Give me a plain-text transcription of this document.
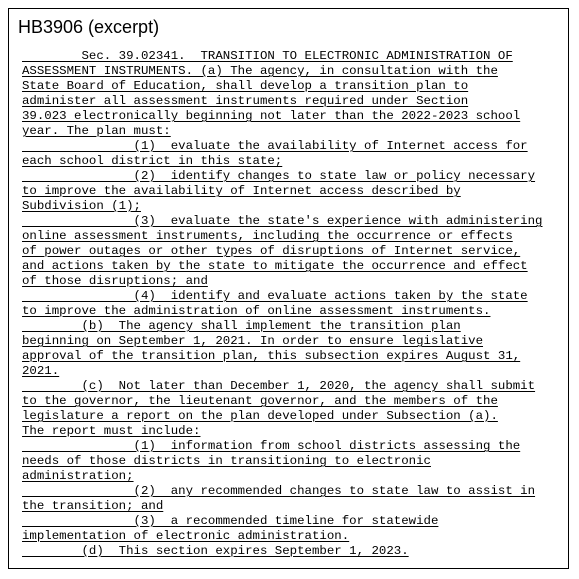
HB3906 (excerpt)
Sec. 39.02341.  TRANSITION TO ELECTRONIC ADMINISTRATION OF
ASSESSMENT INSTRUMENTS. (a) The agency, in consultation with the
State Board of Education, shall develop a transition plan to
administer all assessment instruments required under Section
39.023 electronically beginning not later than the 2022-2023 school
year. The plan must:
(1)  evaluate the availability of Internet access for
each school district in this state;
(2)  identify changes to state law or policy necessary
to improve the availability of Internet access described by
Subdivision (1);
(3)  evaluate the state's experience with administering
online assessment instruments, including the occurrence or effects
of power outages or other types of disruptions of Internet service,
and actions taken by the state to mitigate the occurrence and effect
of those disruptions; and
(4)  identify and evaluate actions taken by the state
to improve the administration of online assessment instruments.
(b)  The agency shall implement the transition plan
beginning on September 1, 2021. In order to ensure legislative
approval of the transition plan, this subsection expires August 31,
2021.
(c)  Not later than December 1, 2020, the agency shall submit
to the governor, the lieutenant governor, and the members of the
legislature a report on the plan developed under Subsection (a).
The report must include:
(1)  information from school districts assessing the
needs of those districts in transitioning to electronic
administration;
(2)  any recommended changes to state law to assist in
the transition; and
(3)  a recommended timeline for statewide
implementation of electronic administration.
(d)  This section expires September 1, 2023.
